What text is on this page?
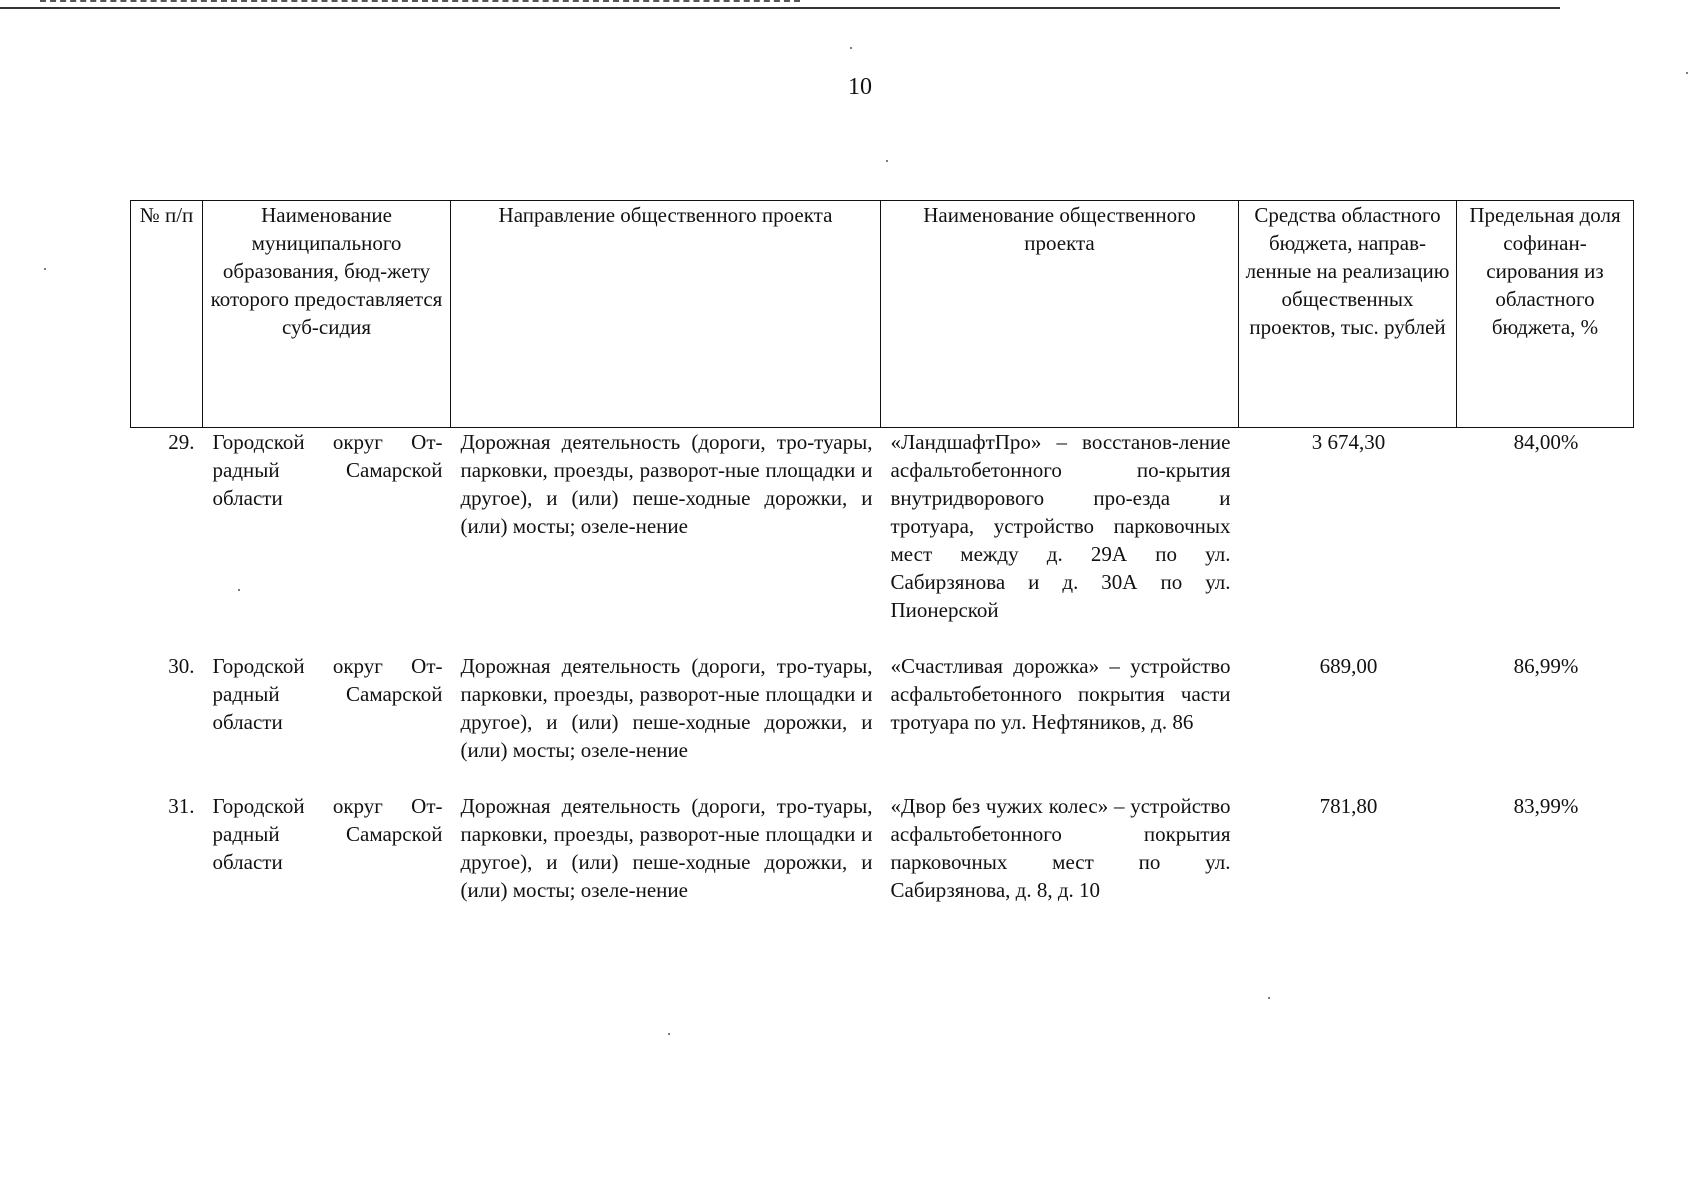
10
№ п/п	Наименование муниципального образования, бюд-жету которого предоставляется суб-сидия	Направление общественного проекта	Наименование общественного проекта	Средства областного бюджета, направ-ленные на реализацию общественных проектов, тыс. рублей	Предельная доля софинан-сирования из областного бюджета, %
29.	Городской округ От-радный Самарской области	Дорожная деятельность (дороги, тро-туары, парковки, проезды, разворот-ные площадки и другое), и (или) пеше-ходные дорожки, и (или) мосты; озеле-нение	«ЛандшафтПро» – восстанов-ление асфальтобетонного по-крытия внутридворового про-езда и тротуара, устройство парковочных мест между д. 29А по ул. Сабирзянова и д. 30А по ул. Пионерской	3 674,30	84,00%
30.	Городской округ От-радный Самарской области	Дорожная деятельность (дороги, тро-туары, парковки, проезды, разворот-ные площадки и другое), и (или) пеше-ходные дорожки, и (или) мосты; озеле-нение	«Счастливая дорожка» – устройство асфальтобетонного покрытия части тротуара по ул. Нефтяников, д. 86	689,00	86,99%
31.	Городской округ От-радный Самарской области	Дорожная деятельность (дороги, тро-туары, парковки, проезды, разворот-ные площадки и другое), и (или) пеше-ходные дорожки, и (или) мосты; озеле-нение	«Двор без чужих колес» – устройство асфальтобетонного покрытия парковочных мест по ул. Сабирзянова, д. 8, д. 10	781,80	83,99%
